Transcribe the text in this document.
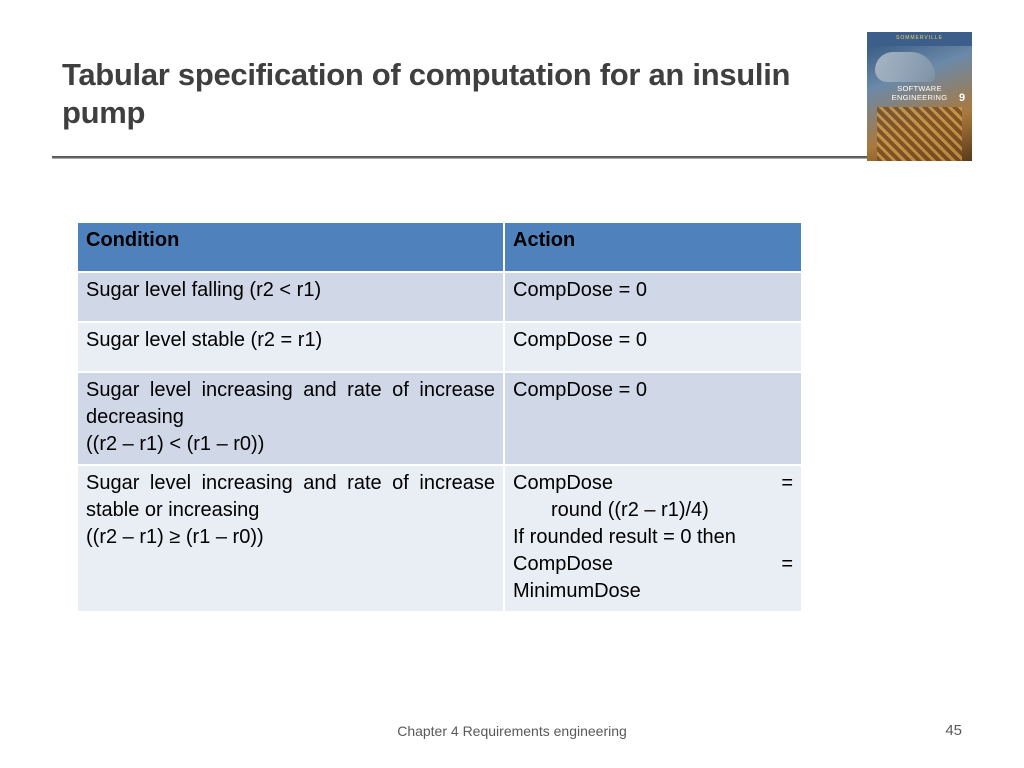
Tabular specification of computation for an insulin pump
SOMMERVILLE
SOFTWARE ENGINEERING	9
Condition	Action

Sugar level falling (r2 < r1)	CompDose = 0

Sugar level stable (r2 = r1)	CompDose = 0

Sugar level increasing and rate of increase decreasing
((r2 – r1) < (r1 – r0))	CompDose = 0

Sugar level increasing and rate of increase stable or increasing
((r2 – r1) ≥ (r1 – r0))	CompDose =
round ((r2 – r1)/4)
If rounded result = 0 then
CompDose =
MinimumDose
Chapter 4 Requirements engineering	45
